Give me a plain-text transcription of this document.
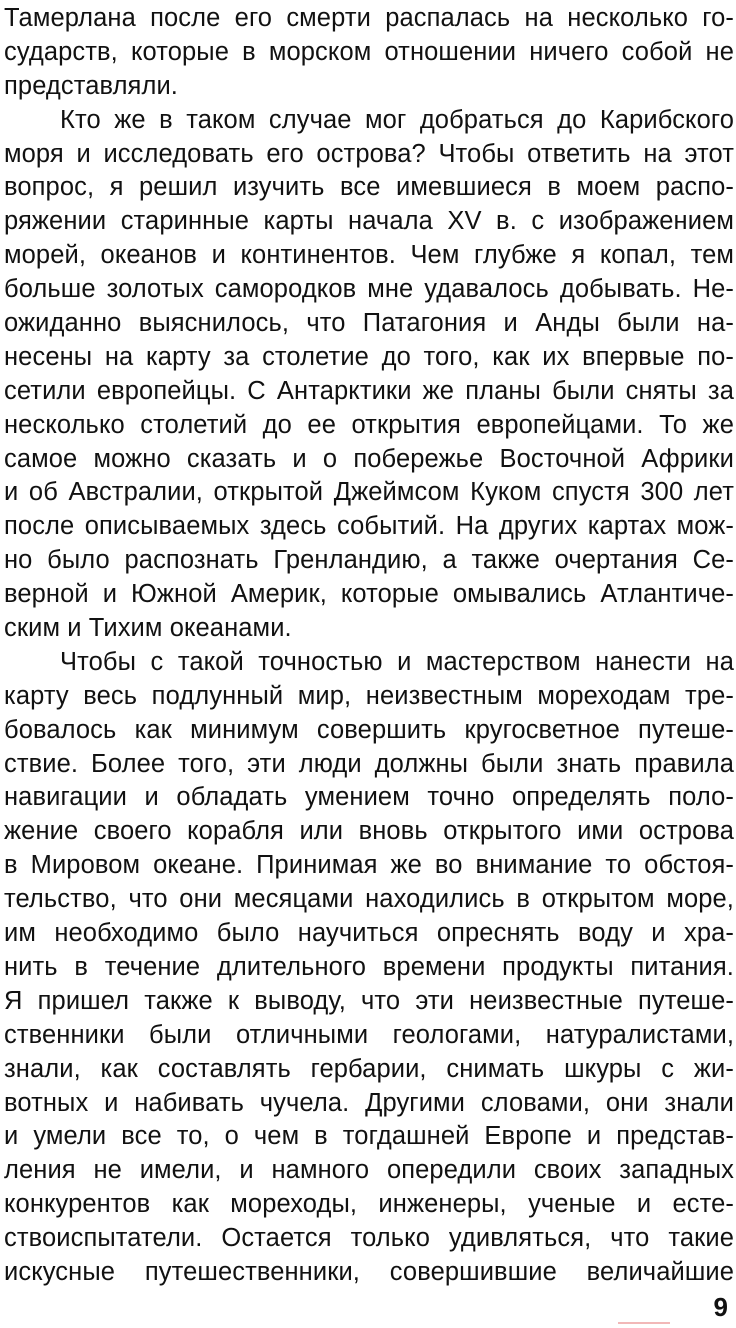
Тамерлана после его смерти распалась на несколько го-
сударств, которые в морском отношении ничего собой не
представляли.
Кто же в таком случае мог добраться до Карибского
моря и исследовать его острова? Чтобы ответить на этот
вопрос, я решил изучить все имевшиеся в моем распо-
ряжении старинные карты начала XV в. с изображением
морей, океанов и континентов. Чем глубже я копал, тем
больше золотых самородков мне удавалось добывать. Не-
ожиданно выяснилось, что Патагония и Анды были на-
несены на карту за столетие до того, как их впервые по-
сетили европейцы. С Антарктики же планы были сняты за
несколько столетий до ее открытия европейцами. То же
самое можно сказать и о побережье Восточной Африки
и об Австралии, открытой Джеймсом Куком спустя 300 лет
после описываемых здесь событий. На других картах мож-
но было распознать Гренландию, а также очертания Се-
верной и Южной Америк, которые омывались Атлантиче-
ским и Тихим океанами.
Чтобы с такой точностью и мастерством нанести на
карту весь подлунный мир, неизвестным мореходам тре-
бовалось как минимум совершить кругосветное путеше-
ствие. Более того, эти люди должны были знать правила
навигации и обладать умением точно определять поло-
жение своего корабля или вновь открытого ими острова
в Мировом океане. Принимая же во внимание то обстоя-
тельство, что они месяцами находились в открытом море,
им необходимо было научиться опреснять воду и хра-
нить в течение длительного времени продукты питания.
Я пришел также к выводу, что эти неизвестные путеше-
ственники были отличными геологами, натуралистами,
знали, как составлять гербарии, снимать шкуры с жи-
вотных и набивать чучела. Другими словами, они знали
и умели все то, о чем в тогдашней Европе и представ-
ления не имели, и намного опередили своих западных
конкурентов как мореходы, инженеры, ученые и есте-
ствоиспытатели. Остается только удивляться, что такие
искусные путешественники, совершившие величайшие
9
